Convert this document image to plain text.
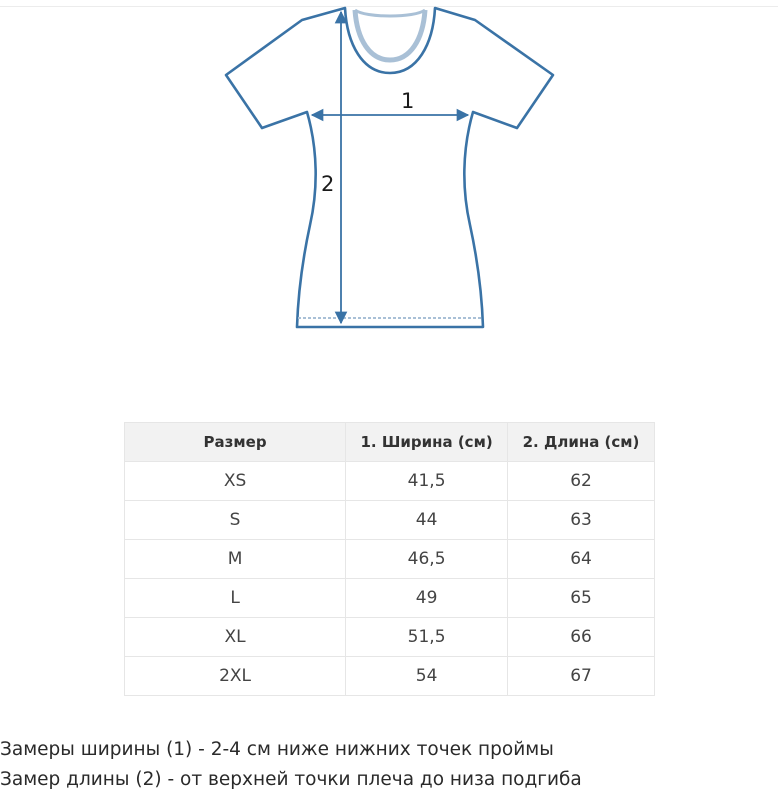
1
2
Размер	1. Ширина (см)	2. Длина (см)
XS	41,5	62
S	44	63
M	46,5	64
L	49	65
XL	51,5	66
2XL	54	67

Замеры ширины (1) - 2-4 см ниже нижних точек проймы

Замер длины (2) - от верхней точки плеча до низа подгиба
